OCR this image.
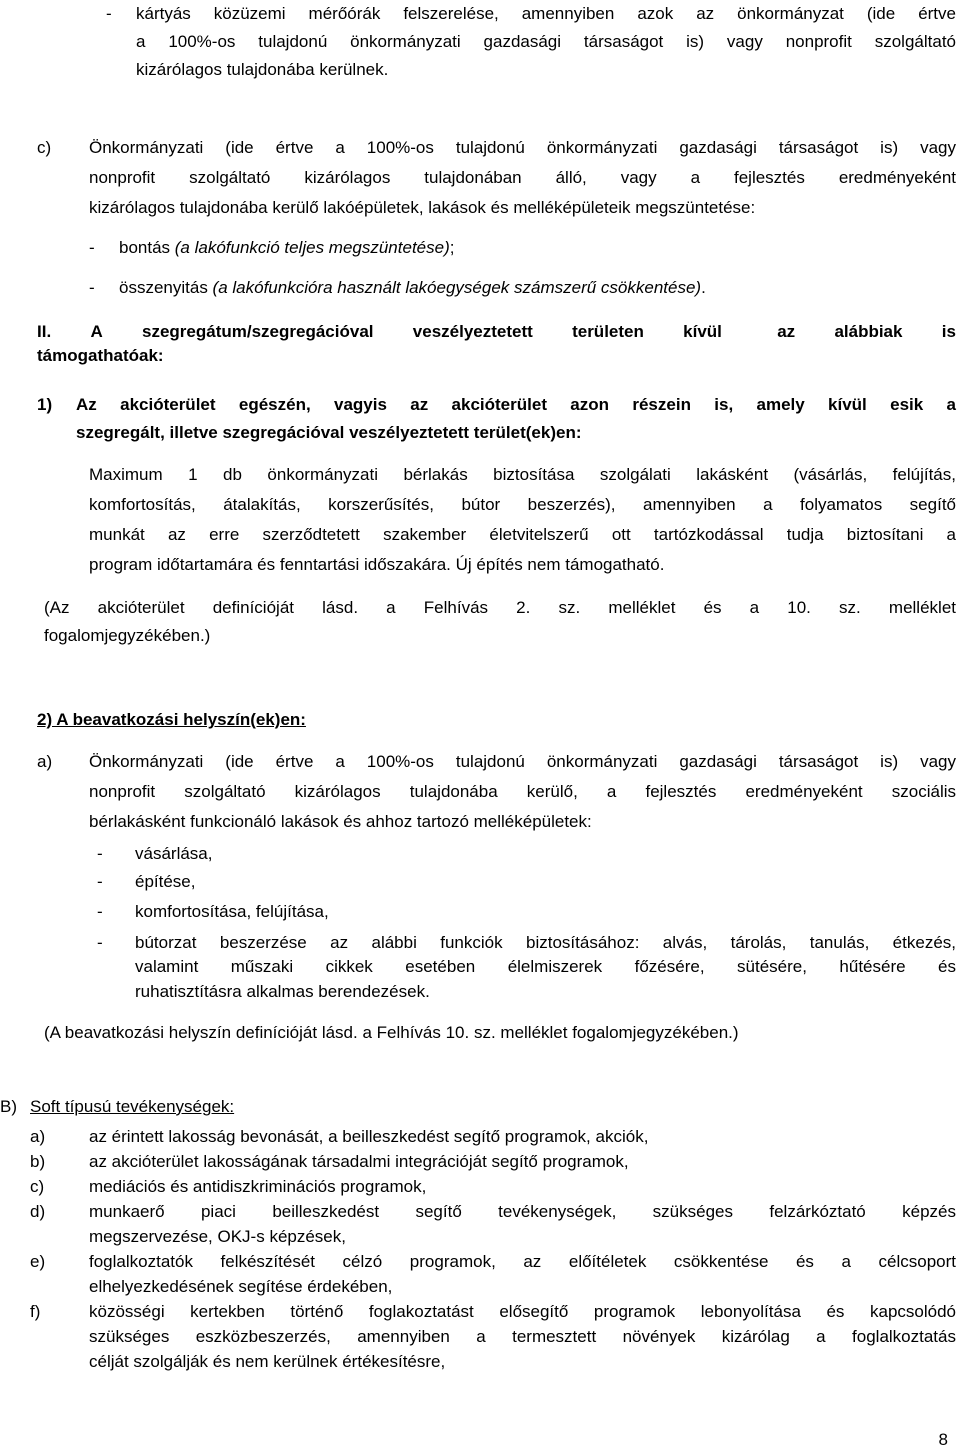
- kártyás közüzemi mérőórák felszerelése, amennyiben azok az önkormányzat (ide értve
a 100%-os tulajdonú önkormányzati gazdasági társaságot is) vagy nonprofit szolgáltató
kizárólagos tulajdonába kerülnek.
c) Önkormányzati (ide értve a 100%-os tulajdonú önkormányzati gazdasági társaságot is) vagy
nonprofit szolgáltató kizárólagos tulajdonában álló, vagy a fejlesztés eredményeként
kizárólagos tulajdonába kerülő lakóépületek, lakások és melléképületeik megszüntetése:
- bontás (a lakófunkció teljes megszüntetése);
- összenyitás (a lakófunkcióra használt lakóegységek számszerű csökkentése).
II. A szegregátum/szegregációval veszélyeztetett területen kívül	az alábbiak is
támogathatóak:
1) Az akcióterület egészén, vagyis az akcióterület azon részein is, amely kívül esik a
szegregált, illetve szegregációval veszélyeztetett terület(ek)en:
Maximum 1 db önkormányzati bérlakás biztosítása szolgálati lakásként (vásárlás, felújítás,
komfortosítás, átalakítás, korszerűsítés, bútor beszerzés), amennyiben a folyamatos segítő
munkát az erre szerződtetett szakember életvitelszerű ott tartózkodással tudja biztosítani a
program időtartamára és fenntartási időszakára. Új építés nem támogatható.
(Az akcióterület definícióját lásd. a Felhívás 2. sz. melléklet és a 10. sz. melléklet
fogalomjegyzékében.)
2) A beavatkozási helyszín(ek)en:
a) Önkormányzati (ide értve a 100%-os tulajdonú önkormányzati gazdasági társaságot is) vagy
nonprofit szolgáltató kizárólagos tulajdonába kerülő, a fejlesztés eredményeként szociális
bérlakásként funkcionáló lakások és ahhoz tartozó melléképületek:
- vásárlása,
- építése,
- komfortosítása, felújítása,
- bútorzat beszerzése az alábbi funkciók biztosításához: alvás, tárolás, tanulás, étkezés,
valamint műszaki cikkek esetében élelmiszerek főzésére, sütésére, hűtésére és
ruhatisztításra alkalmas berendezések.
(A beavatkozási helyszín definícióját lásd. a Felhívás 10. sz. melléklet fogalomjegyzékében.)
B) Soft típusú tevékenységek:
a)	az érintett lakosság bevonását, a beilleszkedést segítő programok, akciók,
b)	az akcióterület lakosságának társadalmi integrációját segítő programok,
c)	mediációs és antidiszkriminációs programok,
d)	munkaerő piaci beilleszkedést segítő tevékenységek, szükséges felzárkóztató képzés
megszervezése, OKJ-s képzések,
e)	foglalkoztatók felkészítését célzó programok, az előítéletek csökkentése és a célcsoport
elhelyezkedésének segítése érdekében,
f)	közösségi kertekben történő foglakoztatást elősegítő programok lebonyolítása és kapcsolódó
szükséges eszközbeszerzés, amennyiben a termesztett növények kizárólag a foglalkoztatás
célját szolgálják és nem kerülnek értékesítésre,
8
